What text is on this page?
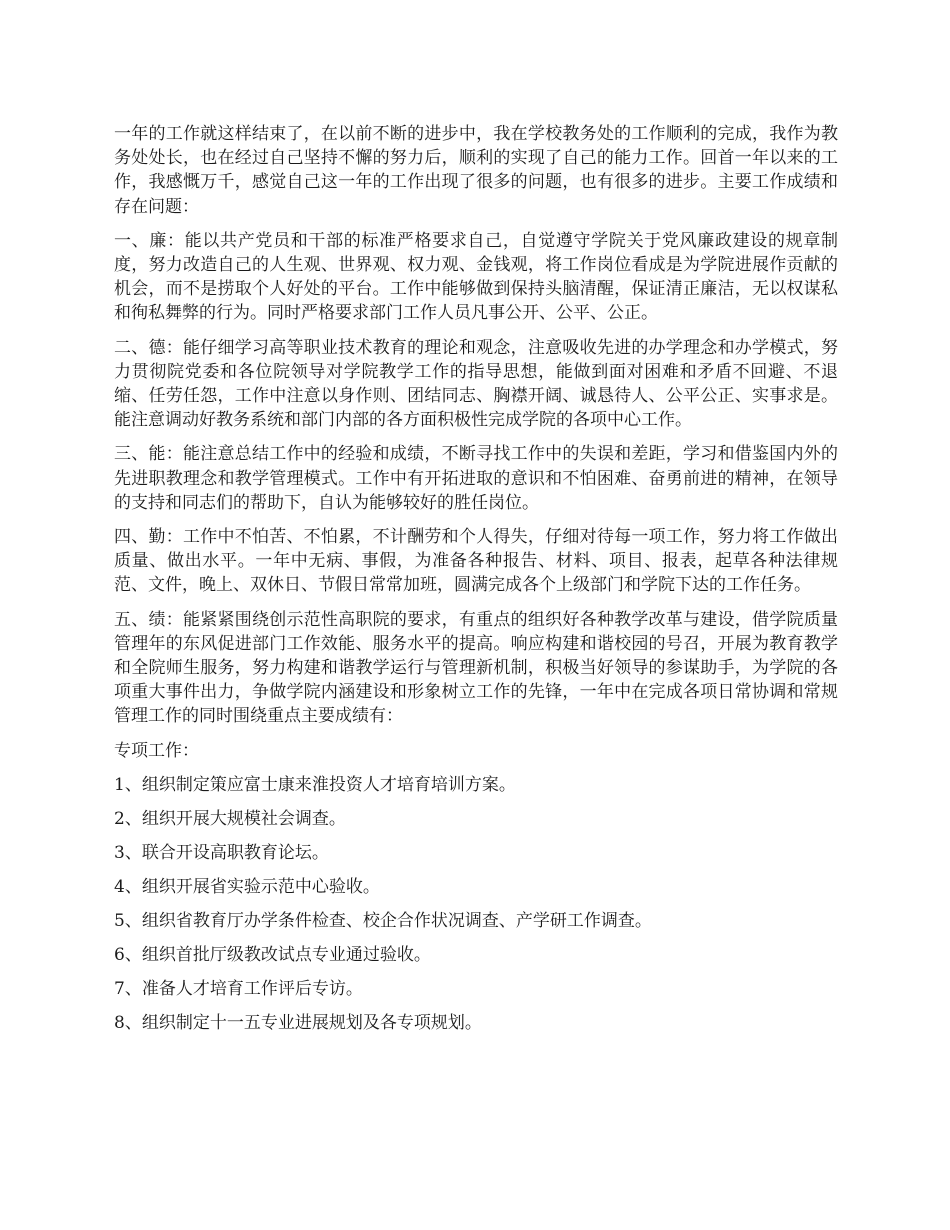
一年的工作就这样结束了，在以前不断的进步中，我在学校教务处的工作顺利的完成，我作为教务处处长，也在经过自己坚持不懈的努力后，顺利的实现了自己的能力工作。回首一年以来的工作，我感慨万千，感觉自己这一年的工作出现了很多的问题，也有很多的进步。主要工作成绩和存在问题：

一、廉：能以共产党员和干部的标准严格要求自己，自觉遵守学院关于党风廉政建设的规章制度，努力改造自己的人生观、世界观、权力观、金钱观，将工作岗位看成是为学院进展作贡献的机会，而不是捞取个人好处的平台。工作中能够做到保持头脑清醒，保证清正廉洁，无以权谋私和徇私舞弊的行为。同时严格要求部门工作人员凡事公开、公平、公正。

二、德：能仔细学习高等职业技术教育的理论和观念，注意吸收先进的办学理念和办学模式，努力贯彻院党委和各位院领导对学院教学工作的指导思想，能做到面对困难和矛盾不回避、不退缩、任劳任怨，工作中注意以身作则、团结同志、胸襟开阔、诚恳待人、公平公正、实事求是。能注意调动好教务系统和部门内部的各方面积极性完成学院的各项中心工作。

三、能：能注意总结工作中的经验和成绩，不断寻找工作中的失误和差距，学习和借鉴国内外的先进职教理念和教学管理模式。工作中有开拓进取的意识和不怕困难、奋勇前进的精神，在领导的支持和同志们的帮助下，自认为能够较好的胜任岗位。

四、勤：工作中不怕苦、不怕累，不计酬劳和个人得失，仔细对待每一项工作，努力将工作做出质量、做出水平。一年中无病、事假，为准备各种报告、材料、项目、报表，起草各种法律规范、文件，晚上、双休日、节假日常常加班，圆满完成各个上级部门和学院下达的工作任务。

五、绩：能紧紧围绕创示范性高职院的要求，有重点的组织好各种教学改革与建设，借学院质量管理年的东风促进部门工作效能、服务水平的提高。响应构建和谐校园的号召，开展为教育教学和全院师生服务，努力构建和谐教学运行与管理新机制，积极当好领导的参谋助手，为学院的各项重大事件出力，争做学院内涵建设和形象树立工作的先锋，一年中在完成各项日常协调和常规管理工作的同时围绕重点主要成绩有：

专项工作：

1、组织制定策应富士康来淮投资人才培育培训方案。

2、组织开展大规模社会调查。

3、联合开设高职教育论坛。

4、组织开展省实验示范中心验收。

5、组织省教育厅办学条件检查、校企合作状况调查、产学研工作调查。

6、组织首批厅级教改试点专业通过验收。

7、准备人才培育工作评后专访。

8、组织制定十一五专业进展规划及各专项规划。
